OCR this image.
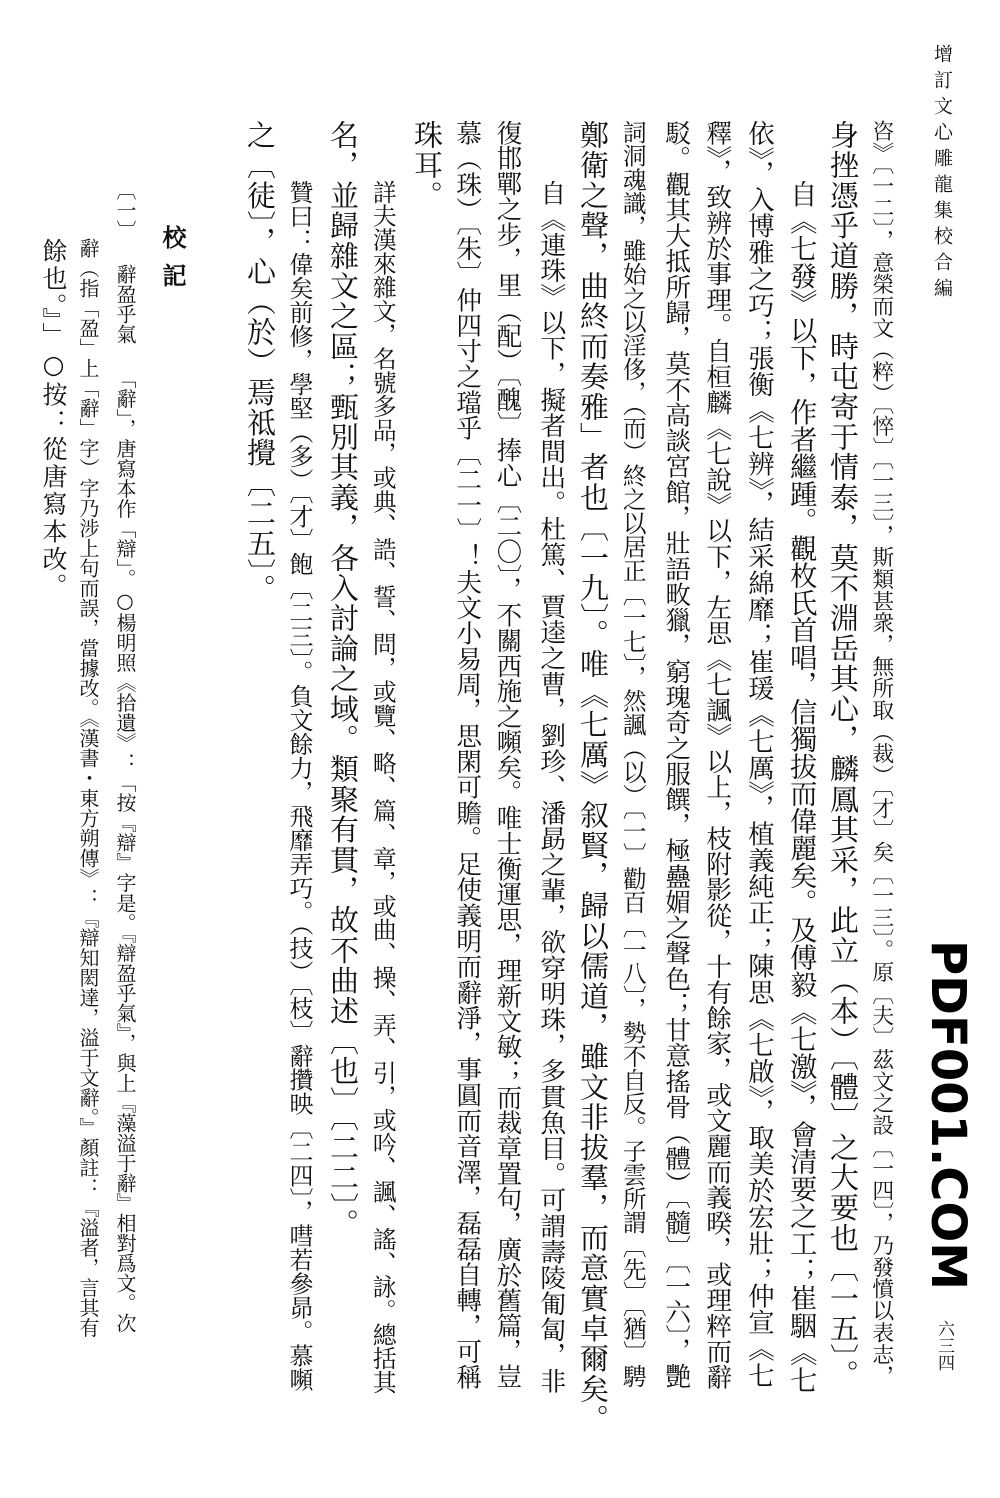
增訂文心雕龍集校合編
六三四
PDF001.COM
咨》〔一二〕，意榮而文（粹）〔悴〕〔一三〕，斯類甚衆，無所取（裁）〔才〕矣〔一三〕。原〔夫〕茲文之設〔一四〕，乃發憤以表志，
身挫憑乎道勝，時屯寄于情泰，莫不淵岳其心，麟鳳其采，此立（本）〔體〕之大要也〔一五〕。
自《七發》以下，作者繼踵。觀枚氏首唱，信獨拔而偉麗矣。及傅毅《七激》，會清要之工；崔駰《七
依》，入博雅之巧；張衡《七辨》，結采綿靡；崔瑗《七厲》，植義純正；陳思《七啟》，取美於宏壯；仲宣《七
釋》，致辨於事理。自桓麟《七說》以下，左思《七諷》以上，枝附影從，十有餘家，或文麗而義暌，或理粹而辭
駁。觀其大抵所歸，莫不高談宮館，壯語畋獵，窮瑰奇之服饌，極蠱媚之聲色；甘意搖骨（體）〔髓〕〔一六〕，艷
詞洞魂識，雖始之以淫侈，（而）終之以居正〔一七〕，然諷（以）〔一〕勸百〔一八〕，勢不自反。子雲所謂〔先〕〔猶〕騁
鄭衛之聲，曲終而奏雅」者也〔一九〕。唯《七厲》叙賢，歸以儒道，雖文非拔羣，而意實卓爾矣。
自《連珠》以下，擬者間出。杜篤、賈逵之曹，劉珍、潘勗之輩，欲穿明珠，多貫魚目。可謂壽陵匍匐，非
復邯鄲之步，里（配）〔醜〕捧心〔二〇〕，不關西施之嚬矣。唯士衡運思，理新文敏；而裁章置句，廣於舊篇，豈
慕（珠）〔朱〕仲四寸之璫乎〔二一〕！夫文小易周，思閑可贍。足使義明而辭淨，事圓而音澤，磊磊自轉，可稱
珠耳。
詳夫漢來雜文，名號多品，或典、誥、誓、問，或覽、略、篇、章，或曲、操、弄、引，或吟、諷、謠、詠。總括其
名，並歸雜文之區；甄別其義，各入討論之域。類聚有貫，故不曲述〔也〕〔二二〕。
贊曰：偉矣前修，學堅（多）〔才〕飽〔二三〕。負文餘力，飛靡弄巧。（技）〔枝〕辭攢映〔二四〕，嘒若參昴。慕嚬
之〔徒〕，心（於）焉祗攪〔二五〕。
校記
〔一〕 辭盈乎氣 「辭」，唐寫本作「辯」。○楊明照《拾遺》：「按『辯』字是。『辯盈乎氣』，與上『藻溢于辭』相對爲文。次
辭（指「盈」上「辭」字）字乃涉上句而誤，當據改。《漢書・東方朔傳》：『辯知閎達，溢于文辭。』顏註：『溢者，言其有
餘也。』」○按：從唐寫本改。
